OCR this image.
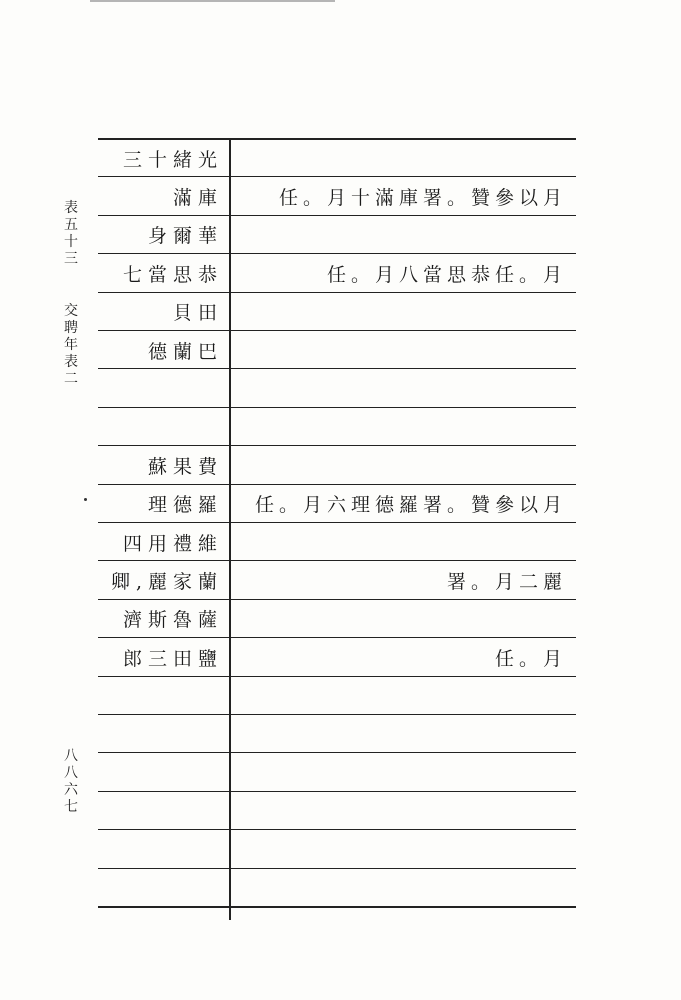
表五十三
交聘年表二
八八六七
三十緒光
滿庫	任。月十滿庫署。贊參以月
身爾華
七當思恭	任。月八當思恭任。月
貝田
德蘭巴
蘇果費
理德羅	任。月六理德羅署。贊參以月
四用禮維
卿,麗家蘭	署。月二麗
濟斯魯薩
郎三田鹽	任。月
